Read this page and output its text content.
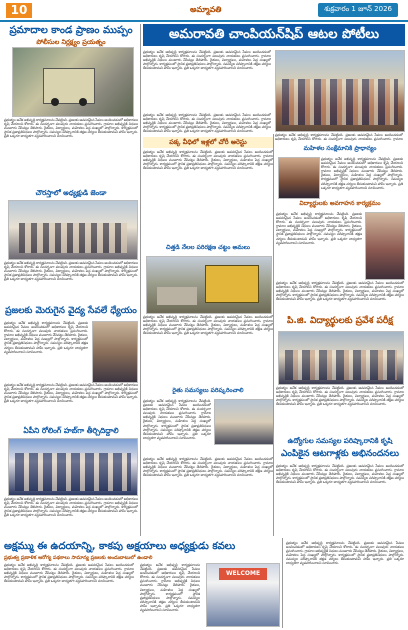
10	అమ్మావతి	శుక్రవారం 1 జూన్ 2026
ప్రమాదాల కాండ ప్రాణం ముప్పం
పోలీసుల నిర్లక్ష్యం ప్రయత్నం
ప్రభుత్వం అనేక అభివృద్ధి కార్యక్రమాలను చేపట్టింది. ప్రజలకు అవసరమైన సేవలు అందించడంలో అధికారులు కృషి చేయాలని కోరారు. ఈ సందర్భంగా పలువురు నాయకులు ప్రసంగించారు. గ్రామాల అభివృద్ధికి నిధులు మంజూరు చేసినట్లు తెలిపారు. రైతులు, విద్యార్థులు, మహిళలు పెద్ద సంఖ్యలో పాల్గొన్నారు. కార్యక్రమంలో స్థానిక ప్రజాప్రతినిధులు పాల్గొన్నారు. సమస్యల పరిష్కారానికి తక్షణ చర్యలు తీసుకుంటామని హామీ ఇచ్చారు. ప్రతి ఒక్కరూ బాధ్యతగా వ్యవహరించాలని సూచించారు.
చౌరస్తాలో అధ్యక్షుడి జెండా
ప్రభుత్వం అనేక అభివృద్ధి కార్యక్రమాలను చేపట్టింది. ప్రజలకు అవసరమైన సేవలు అందించడంలో అధికారులు కృషి చేయాలని కోరారు. ఈ సందర్భంగా పలువురు నాయకులు ప్రసంగించారు. గ్రామాల అభివృద్ధికి నిధులు మంజూరు చేసినట్లు తెలిపారు. రైతులు, విద్యార్థులు, మహిళలు పెద్ద సంఖ్యలో పాల్గొన్నారు. కార్యక్రమంలో స్థానిక ప్రజాప్రతినిధులు పాల్గొన్నారు. సమస్యల పరిష్కారానికి తక్షణ చర్యలు తీసుకుంటామని హామీ ఇచ్చారు. ప్రతి ఒక్కరూ బాధ్యతగా వ్యవహరించాలని సూచించారు.
ప్రజలకు మెరుగైన వైద్య సేవలే ధ్యేయం
ప్రభుత్వం అనేక అభివృద్ధి కార్యక్రమాలను చేపట్టింది. ప్రజలకు అవసరమైన సేవలు అందించడంలో అధికారులు కృషి చేయాలని కోరారు. ఈ సందర్భంగా పలువురు నాయకులు ప్రసంగించారు. గ్రామాల అభివృద్ధికి నిధులు మంజూరు చేసినట్లు తెలిపారు. రైతులు, విద్యార్థులు, మహిళలు పెద్ద సంఖ్యలో పాల్గొన్నారు. కార్యక్రమంలో స్థానిక ప్రజాప్రతినిధులు పాల్గొన్నారు. సమస్యల పరిష్కారానికి తక్షణ చర్యలు తీసుకుంటామని హామీ ఇచ్చారు. ప్రతి ఒక్కరూ బాధ్యతగా వ్యవహరించాలని సూచించారు.
ప్రభుత్వం అనేక అభివృద్ధి కార్యక్రమాలను చేపట్టింది. ప్రజలకు అవసరమైన సేవలు అందించడంలో అధికారులు కృషి చేయాలని కోరారు. ఈ సందర్భంగా పలువురు నాయకులు ప్రసంగించారు. గ్రామాల అభివృద్ధికి నిధులు మంజూరు చేసినట్లు తెలిపారు. రైతులు, విద్యార్థులు, మహిళలు పెద్ద సంఖ్యలో పాల్గొన్నారు. కార్యక్రమంలో స్థానిక ప్రజాప్రతినిధులు పాల్గొన్నారు. సమస్యల పరిష్కారానికి తక్షణ చర్యలు తీసుకుంటామని హామీ ఇచ్చారు. ప్రతి ఒక్కరూ బాధ్యతగా వ్యవహరించాలని సూచించారు.
ఏపీని రోలింగ్ హబ్‌గా తీర్చిదిద్దాలి
ప్రభుత్వం అనేక అభివృద్ధి కార్యక్రమాలను చేపట్టింది. ప్రజలకు అవసరమైన సేవలు అందించడంలో అధికారులు కృషి చేయాలని కోరారు. ఈ సందర్భంగా పలువురు నాయకులు ప్రసంగించారు. గ్రామాల అభివృద్ధికి నిధులు మంజూరు చేసినట్లు తెలిపారు. రైతులు, విద్యార్థులు, మహిళలు పెద్ద సంఖ్యలో పాల్గొన్నారు. కార్యక్రమంలో స్థానిక ప్రజాప్రతినిధులు పాల్గొన్నారు. సమస్యల పరిష్కారానికి తక్షణ చర్యలు తీసుకుంటామని హామీ ఇచ్చారు. ప్రతి ఒక్కరూ బాధ్యతగా వ్యవహరించాలని సూచించారు.
అక్షమ్ము ఈ ఉదయాన్ని, కాకపు అక్షయాలు అధ్యక్షుడు కవలు
ప్రభుత్వ ప్రణాళిక ఆరోగ్య పథకాలు సామాన్య ప్రజలకు అందుబాటులో ఉండాలి
ప్రభుత్వం అనేక అభివృద్ధి కార్యక్రమాలను చేపట్టింది. ప్రజలకు అవసరమైన సేవలు అందించడంలో అధికారులు కృషి చేయాలని కోరారు. ఈ సందర్భంగా పలువురు నాయకులు ప్రసంగించారు. గ్రామాల అభివృద్ధికి నిధులు మంజూరు చేసినట్లు తెలిపారు. రైతులు, విద్యార్థులు, మహిళలు పెద్ద సంఖ్యలో పాల్గొన్నారు. కార్యక్రమంలో స్థానిక ప్రజాప్రతినిధులు పాల్గొన్నారు. సమస్యల పరిష్కారానికి తక్షణ చర్యలు తీసుకుంటామని హామీ ఇచ్చారు. ప్రతి ఒక్కరూ బాధ్యతగా వ్యవహరించాలని సూచించారు.
ప్రభుత్వం అనేక అభివృద్ధి కార్యక్రమాలను చేపట్టింది. ప్రజలకు అవసరమైన సేవలు అందించడంలో అధికారులు కృషి చేయాలని కోరారు. ఈ సందర్భంగా పలువురు నాయకులు ప్రసంగించారు. గ్రామాల అభివృద్ధికి నిధులు మంజూరు చేసినట్లు తెలిపారు. రైతులు, విద్యార్థులు, మహిళలు పెద్ద సంఖ్యలో పాల్గొన్నారు. కార్యక్రమంలో స్థానిక ప్రజాప్రతినిధులు పాల్గొన్నారు. సమస్యల పరిష్కారానికి తక్షణ చర్యలు తీసుకుంటామని హామీ ఇచ్చారు. ప్రతి ఒక్కరూ బాధ్యతగా వ్యవహరించాలని సూచించారు.
WELCOME
అమరావతి చాంపియన్‌షిప్ ఆటల పోటీలు
ప్రభుత్వం అనేక అభివృద్ధి కార్యక్రమాలను చేపట్టింది. ప్రజలకు అవసరమైన సేవలు అందించడంలో అధికారులు కృషి చేయాలని కోరారు. ఈ సందర్భంగా పలువురు నాయకులు ప్రసంగించారు. గ్రామాల అభివృద్ధికి నిధులు మంజూరు చేసినట్లు తెలిపారు. రైతులు, విద్యార్థులు, మహిళలు పెద్ద సంఖ్యలో పాల్గొన్నారు. కార్యక్రమంలో స్థానిక ప్రజాప్రతినిధులు పాల్గొన్నారు. సమస్యల పరిష్కారానికి తక్షణ చర్యలు తీసుకుంటామని హామీ ఇచ్చారు. ప్రతి ఒక్కరూ బాధ్యతగా వ్యవహరించాలని సూచించారు.
ప్రభుత్వం అనేక అభివృద్ధి కార్యక్రమాలను చేపట్టింది. ప్రజలకు అవసరమైన సేవలు అందించడంలో అధికారులు కృషి చేయాలని కోరారు. ఈ సందర్భంగా పలువురు నాయకులు ప్రసంగించారు. గ్రామాల అభివృద్ధికి నిధులు మంజూరు చేసినట్లు తెలిపారు. రైతులు, విద్యార్థులు, మహిళలు పెద్ద సంఖ్యలో పాల్గొన్నారు. కార్యక్రమంలో స్థానిక ప్రజాప్రతినిధులు పాల్గొన్నారు. సమస్యల పరిష్కారానికి తక్షణ చర్యలు తీసుకుంటామని హామీ ఇచ్చారు. ప్రతి ఒక్కరూ బాధ్యతగా వ్యవహరించాలని సూచించారు.
ప్రభుత్వం అనేక అభివృద్ధి కార్యక్రమాలను చేపట్టింది. ప్రజలకు అవసరమైన సేవలు అందించడంలో అధికారులు కృషి చేయాలని కోరారు. ఈ సందర్భంగా పలువురు నాయకులు ప్రసంగించారు. గ్రామాల
పక్క వీధిలో ఇళ్లలో చోరీ అరెస్టు
ప్రభుత్వం అనేక అభివృద్ధి కార్యక్రమాలను చేపట్టింది. ప్రజలకు అవసరమైన సేవలు అందించడంలో అధికారులు కృషి చేయాలని కోరారు. ఈ సందర్భంగా పలువురు నాయకులు ప్రసంగించారు. గ్రామాల అభివృద్ధికి నిధులు మంజూరు చేసినట్లు తెలిపారు. రైతులు, విద్యార్థులు, మహిళలు పెద్ద సంఖ్యలో పాల్గొన్నారు. కార్యక్రమంలో స్థానిక ప్రజాప్రతినిధులు పాల్గొన్నారు. సమస్యల పరిష్కారానికి తక్షణ చర్యలు తీసుకుంటామని హామీ ఇచ్చారు. ప్రతి ఒక్కరూ బాధ్యతగా వ్యవహరించాలని సూచించారు.
చిత్తడి నేలల పరిరక్షణ చట్టం అమలు
ప్రభుత్వం అనేక అభివృద్ధి కార్యక్రమాలను చేపట్టింది. ప్రజలకు అవసరమైన సేవలు అందించడంలో అధికారులు కృషి చేయాలని కోరారు. ఈ సందర్భంగా పలువురు నాయకులు ప్రసంగించారు. గ్రామాల అభివృద్ధికి నిధులు మంజూరు చేసినట్లు తెలిపారు. రైతులు, విద్యార్థులు, మహిళలు పెద్ద సంఖ్యలో పాల్గొన్నారు. కార్యక్రమంలో స్థానిక ప్రజాప్రతినిధులు పాల్గొన్నారు. సమస్యల పరిష్కారానికి తక్షణ చర్యలు తీసుకుంటామని హామీ ఇచ్చారు. ప్రతి ఒక్కరూ బాధ్యతగా వ్యవహరించాలని సూచించారు.
రైతు సమస్యలు పరిష్కరించాలి
ప్రభుత్వం అనేక అభివృద్ధి కార్యక్రమాలను చేపట్టింది. ప్రజలకు అవసరమైన సేవలు అందించడంలో అధికారులు కృషి చేయాలని కోరారు. ఈ సందర్భంగా పలువురు నాయకులు ప్రసంగించారు. గ్రామాల అభివృద్ధికి నిధులు మంజూరు చేసినట్లు తెలిపారు. రైతులు, విద్యార్థులు, మహిళలు పెద్ద సంఖ్యలో పాల్గొన్నారు. కార్యక్రమంలో స్థానిక ప్రజాప్రతినిధులు పాల్గొన్నారు. సమస్యల పరిష్కారానికి తక్షణ చర్యలు తీసుకుంటామని హామీ ఇచ్చారు. ప్రతి ఒక్కరూ బాధ్యతగా వ్యవహరించాలని సూచించారు.
ప్రభుత్వం అనేక అభివృద్ధి కార్యక్రమాలను చేపట్టింది. ప్రజలకు అవసరమైన సేవలు అందించడంలో అధికారులు కృషి చేయాలని కోరారు. ఈ సందర్భంగా పలువురు నాయకులు ప్రసంగించారు. గ్రామాల అభివృద్ధికి నిధులు మంజూరు చేసినట్లు తెలిపారు. రైతులు, విద్యార్థులు, మహిళలు పెద్ద సంఖ్యలో పాల్గొన్నారు. కార్యక్రమంలో స్థానిక ప్రజాప్రతినిధులు పాల్గొన్నారు. సమస్యల పరిష్కారానికి తక్షణ చర్యలు తీసుకుంటామని హామీ ఇచ్చారు. ప్రతి ఒక్కరూ బాధ్యతగా వ్యవహరించాలని సూచించారు.
మహిళల సంక్షేమానికి ప్రాధాన్యం
ప్రభుత్వం అనేక అభివృద్ధి కార్యక్రమాలను చేపట్టింది. ప్రజలకు అవసరమైన సేవలు అందించడంలో అధికారులు కృషి చేయాలని కోరారు. ఈ సందర్భంగా పలువురు నాయకులు ప్రసంగించారు. గ్రామాల అభివృద్ధికి నిధులు మంజూరు చేసినట్లు తెలిపారు. రైతులు, విద్యార్థులు, మహిళలు పెద్ద సంఖ్యలో పాల్గొన్నారు. కార్యక్రమంలో స్థానిక ప్రజాప్రతినిధులు పాల్గొన్నారు. సమస్యల పరిష్కారానికి తక్షణ చర్యలు తీసుకుంటామని హామీ ఇచ్చారు. ప్రతి ఒక్కరూ బాధ్యతగా వ్యవహరించాలని సూచించారు.
విద్యార్థులకు అవగాహన కార్యక్రమం
ప్రభుత్వం అనేక అభివృద్ధి కార్యక్రమాలను చేపట్టింది. ప్రజలకు అవసరమైన సేవలు అందించడంలో అధికారులు కృషి చేయాలని కోరారు. ఈ సందర్భంగా పలువురు నాయకులు ప్రసంగించారు. గ్రామాల అభివృద్ధికి నిధులు మంజూరు చేసినట్లు తెలిపారు. రైతులు, విద్యార్థులు, మహిళలు పెద్ద సంఖ్యలో పాల్గొన్నారు. కార్యక్రమంలో స్థానిక ప్రజాప్రతినిధులు పాల్గొన్నారు. సమస్యల పరిష్కారానికి తక్షణ చర్యలు తీసుకుంటామని హామీ ఇచ్చారు. ప్రతి ఒక్కరూ బాధ్యతగా వ్యవహరించాలని సూచించారు.
ప్రభుత్వం అనేక అభివృద్ధి కార్యక్రమాలను చేపట్టింది. ప్రజలకు అవసరమైన సేవలు అందించడంలో అధికారులు కృషి చేయాలని కోరారు. ఈ సందర్భంగా పలువురు నాయకులు ప్రసంగించారు. గ్రామాల అభివృద్ధికి నిధులు మంజూరు చేసినట్లు తెలిపారు. రైతులు, విద్యార్థులు, మహిళలు పెద్ద సంఖ్యలో పాల్గొన్నారు. కార్యక్రమంలో స్థానిక ప్రజాప్రతినిధులు పాల్గొన్నారు. సమస్యల పరిష్కారానికి తక్షణ చర్యలు తీసుకుంటామని హామీ ఇచ్చారు. ప్రతి ఒక్కరూ బాధ్యతగా వ్యవహరించాలని సూచించారు.
పి.జి. విద్యార్థులకు ప్రవేశ పరీక్ష
ప్రభుత్వం అనేక అభివృద్ధి కార్యక్రమాలను చేపట్టింది. ప్రజలకు అవసరమైన సేవలు అందించడంలో అధికారులు కృషి చేయాలని కోరారు. ఈ సందర్భంగా పలువురు నాయకులు ప్రసంగించారు. గ్రామాల అభివృద్ధికి నిధులు మంజూరు చేసినట్లు తెలిపారు. రైతులు, విద్యార్థులు, మహిళలు పెద్ద సంఖ్యలో పాల్గొన్నారు. కార్యక్రమంలో స్థానిక ప్రజాప్రతినిధులు పాల్గొన్నారు. సమస్యల పరిష్కారానికి తక్షణ చర్యలు తీసుకుంటామని హామీ ఇచ్చారు. ప్రతి ఒక్కరూ బాధ్యతగా వ్యవహరించాలని సూచించారు.
ఉద్యోగుల సమస్యల పరిష్కారానికి కృషి
ఎంపికైన ఆటగాళ్లకు అభినందనలు
ప్రభుత్వం అనేక అభివృద్ధి కార్యక్రమాలను చేపట్టింది. ప్రజలకు అవసరమైన సేవలు అందించడంలో అధికారులు కృషి చేయాలని కోరారు. ఈ సందర్భంగా పలువురు నాయకులు ప్రసంగించారు. గ్రామాల అభివృద్ధికి నిధులు మంజూరు చేసినట్లు తెలిపారు. రైతులు, విద్యార్థులు, మహిళలు పెద్ద సంఖ్యలో పాల్గొన్నారు. కార్యక్రమంలో స్థానిక ప్రజాప్రతినిధులు పాల్గొన్నారు. సమస్యల పరిష్కారానికి తక్షణ చర్యలు తీసుకుంటామని హామీ ఇచ్చారు. ప్రతి ఒక్కరూ బాధ్యతగా వ్యవహరించాలని సూచించారు.
ప్రభుత్వం అనేక అభివృద్ధి కార్యక్రమాలను చేపట్టింది. ప్రజలకు అవసరమైన సేవలు అందించడంలో అధికారులు కృషి చేయాలని కోరారు. ఈ సందర్భంగా పలువురు నాయకులు ప్రసంగించారు. గ్రామాల అభివృద్ధికి నిధులు మంజూరు చేసినట్లు తెలిపారు. రైతులు, విద్యార్థులు, మహిళలు పెద్ద సంఖ్యలో పాల్గొన్నారు. కార్యక్రమంలో స్థానిక ప్రజాప్రతినిధులు పాల్గొన్నారు. సమస్యల పరిష్కారానికి తక్షణ చర్యలు తీసుకుంటామని హామీ ఇచ్చారు. ప్రతి ఒక్కరూ బాధ్యతగా వ్యవహరించాలని సూచించారు.
